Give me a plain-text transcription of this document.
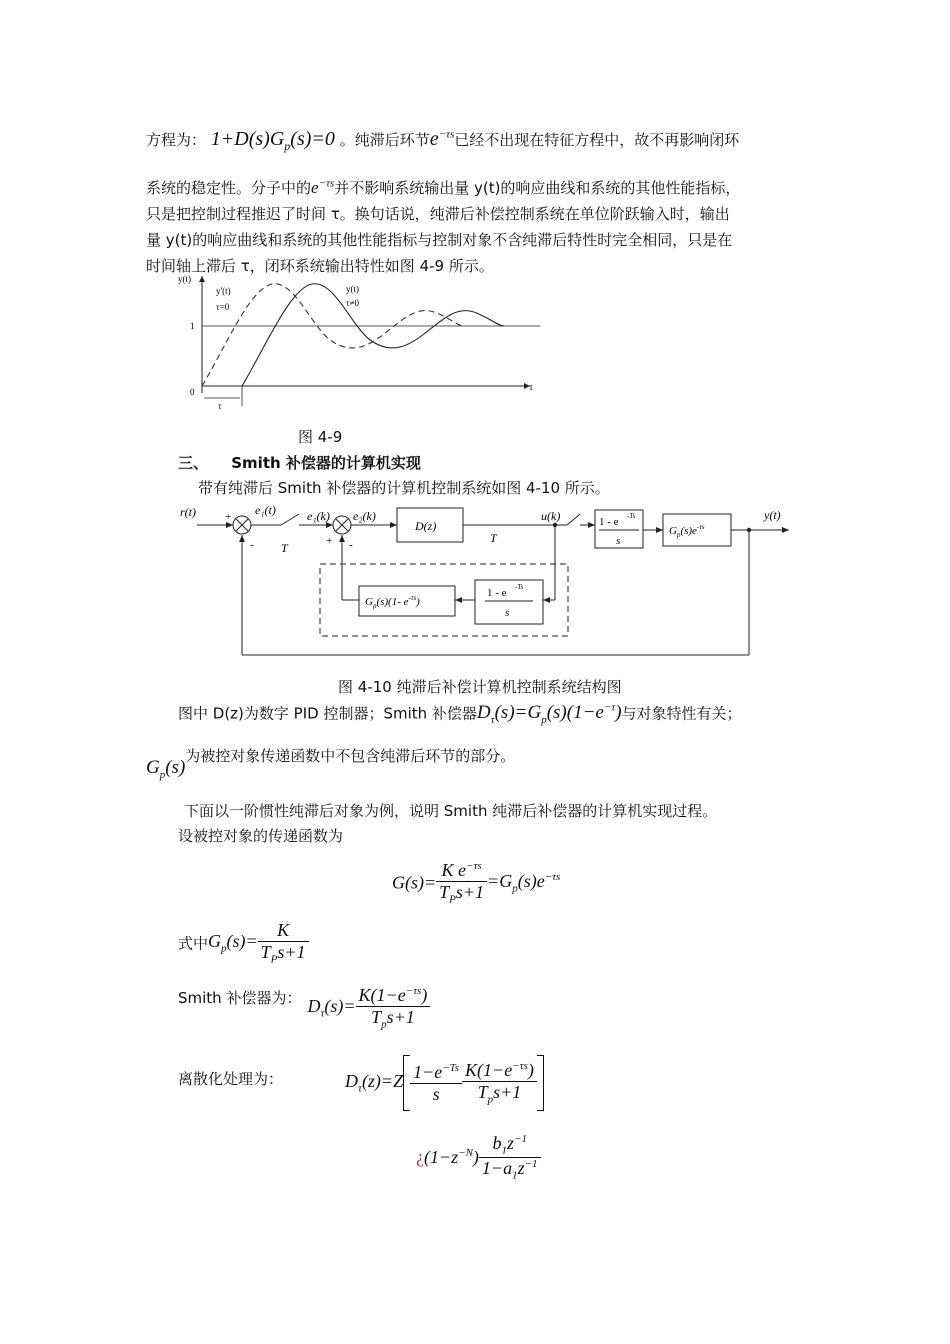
方程为： $1+D(s)G_p(s)=0$ 。纯滞后环节$e^{-\tau s}$已经不出现在特征方程中，故不再影响闭环
系统的稳定性。分子中的$e^{-\tau s}$并不影响系统输出量 y(t)的响应曲线和系统的其他性能指标，
只是把控制过程推迟了时间 τ。换句话说，纯滞后补偿控制系统在单位阶跃输入时，输出
量 y(t)的响应曲线和系统的其他性能指标与控制对象不含纯滞后特性时完全相同，只是在
时间轴上滞后 τ，闭环系统输出特性如图 4-9 所示。
y(t)
t
1
0
y'(t)
τ=0
y(t)
τ≠0
τ
图 4-9
三、 Smith 补偿器的计算机实现
带有纯滞后 Smith 补偿器的计算机控制系统如图 4-10 所示。
r(t)	+
-
e₁(t)
T
e₁(k)
+ -
e₂(k)
D(z)
T
u(k)	1 - e -Ts
s
$G_p(s)e^{-\tau s}$
y(t)
1 - e -Ts
s
$G_p(s)(1-$ $e^{-\tau s}$)
图 4-10 纯滞后补偿计算机控制系统结构图
图中 D(z)为数字 PID 控制器；Smith 补偿器$D_\tau(s)=G_p(s)(1-e^{-\tau})$与对象特性有关；
$G_p(s)$为被控对象传递函数中不包含纯滞后环节的部分。
下面以一阶惯性纯滞后对象为例，说明 Smith 纯滞后补偿器的计算机实现过程。
设被控对象的传递函数为
$G(s)= \frac{K e^{-\tau s}}{T_Ps+1} =G_p(s)e^{-\tau s}$
式中$G_p(s)= \frac{K}{T_Ps+1}$
Smith 补偿器为： $D_\tau(s)= \frac{K(1-e^{-\tau s})}{T_ps+1}$
离散化处理为：	$D_\tau(z)=Z \frac{1-e^{-Ts}}{s} \frac{K(1-e^{-\tau s})}{T_ps+1}$
¿$(1-z^{-N}) \frac{b_1z^{-1}}{1-a_1z^{-1}}$
